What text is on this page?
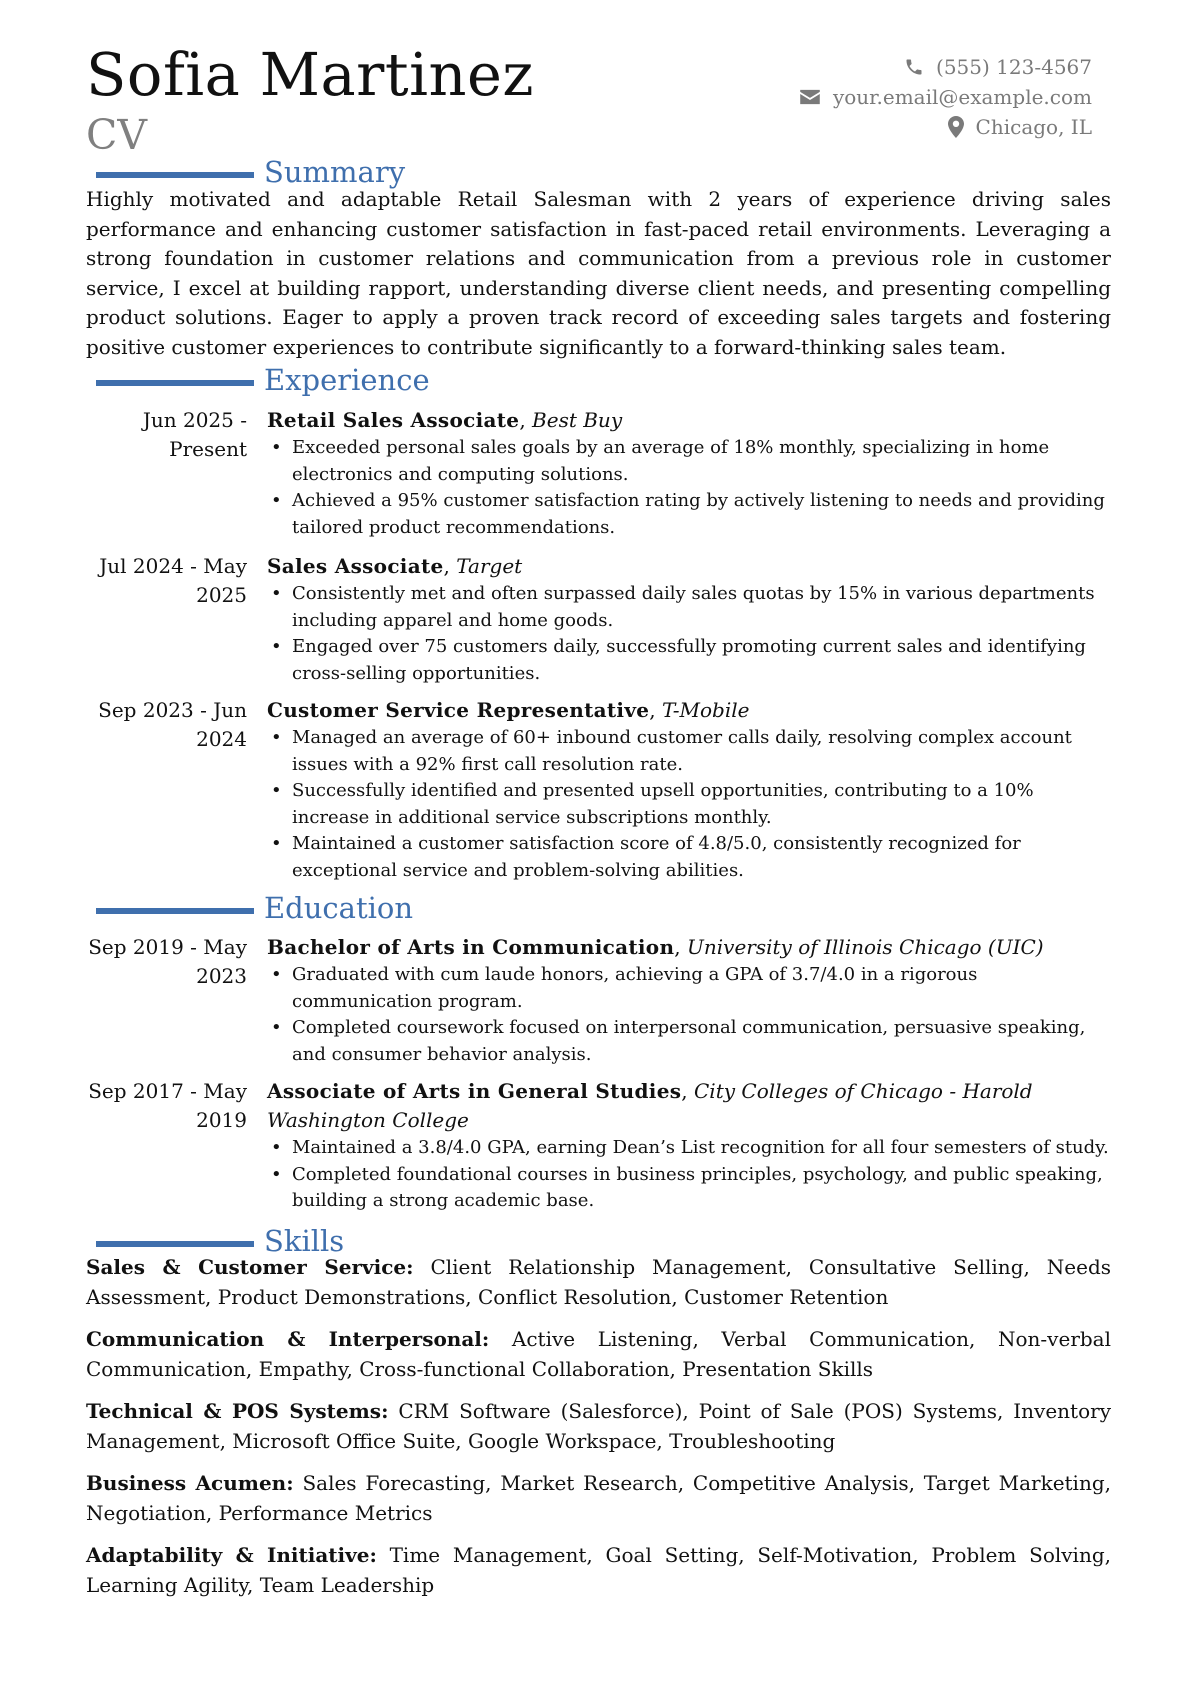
Sofia Martinez
CV
(555) 123-4567
your.email@example.com
Chicago, IL
Summary
Highly motivated and adaptable Retail Salesman with 2 years of experience driving sales performance and enhancing customer satisfaction in fast-paced retail environments. Leveraging a strong foundation in customer relations and communication from a previous role in customer service, I excel at building rapport, understanding diverse client needs, and presenting compelling product solutions. Eager to apply a proven track record of exceeding sales targets and fostering positive customer experiences to contribute significantly to a forward-thinking sales team.
Experience
Jun 2025 - Present
Retail Sales Associate, Best Buy
• Exceeded personal sales goals by an average of 18% monthly, specializing in home electronics and computing solutions.
• Achieved a 95% customer satisfaction rating by actively listening to needs and providing tailored product recommendations.
Jul 2024 - May 2025
Sales Associate, Target
• Consistently met and often surpassed daily sales quotas by 15% in various departments including apparel and home goods.
• Engaged over 75 customers daily, successfully promoting current sales and identifying cross-selling opportunities.
Sep 2023 - Jun 2024
Customer Service Representative, T-Mobile
• Managed an average of 60+ inbound customer calls daily, resolving complex account issues with a 92% first call resolution rate.
• Successfully identified and presented upsell opportunities, contributing to a 10% increase in additional service subscriptions monthly.
• Maintained a customer satisfaction score of 4.8/5.0, consistently recognized for exceptional service and problem-solving abilities.
Education
Sep 2019 - May 2023
Bachelor of Arts in Communication, University of Illinois Chicago (UIC)
• Graduated with cum laude honors, achieving a GPA of 3.7/4.0 in a rigorous communication program.
• Completed coursework focused on interpersonal communication, persuasive speaking, and consumer behavior analysis.
Sep 2017 - May 2019
Associate of Arts in General Studies, City Colleges of Chicago - Harold Washington College
• Maintained a 3.8/4.0 GPA, earning Dean’s List recognition for all four semesters of study.
• Completed foundational courses in business principles, psychology, and public speaking, building a strong academic base.
Skills
Sales & Customer Service: Client Relationship Management, Consultative Selling, Needs Assessment, Product Demonstrations, Conflict Resolution, Customer Retention
Communication & Interpersonal: Active Listening, Verbal Communication, Non-verbal Communication, Empathy, Cross-functional Collaboration, Presentation Skills
Technical & POS Systems: CRM Software (Salesforce), Point of Sale (POS) Systems, Inventory Management, Microsoft Office Suite, Google Workspace, Troubleshooting
Business Acumen: Sales Forecasting, Market Research, Competitive Analysis, Target Marketing, Negotiation, Performance Metrics
Adaptability & Initiative: Time Management, Goal Setting, Self-Motivation, Problem Solving, Learning Agility, Team Leadership
